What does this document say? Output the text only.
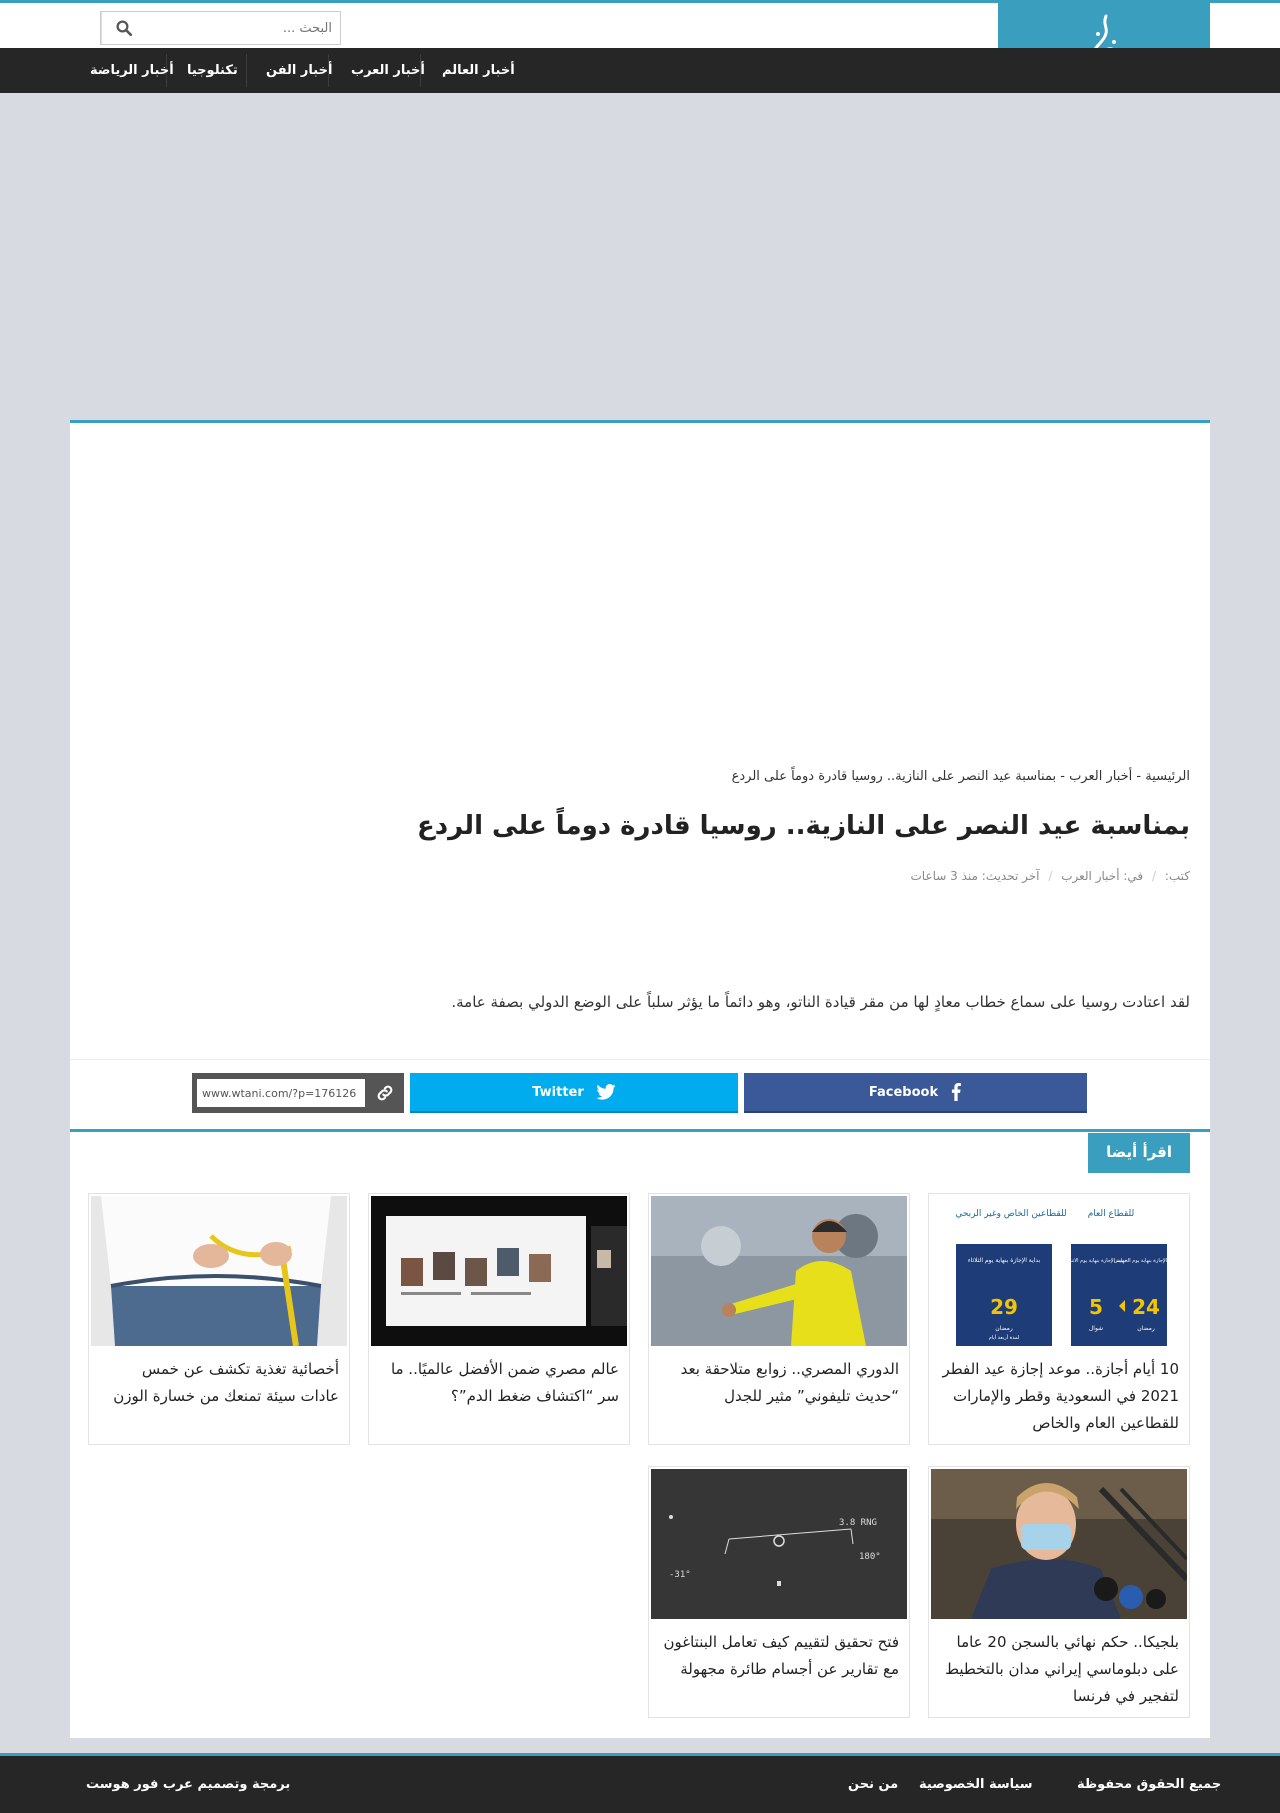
البحث ...
أخبار العالم
أخبار العرب
أخبار الفن
تكنلوجيا
أخبار الرياضة
الرئيسية - أخبار العرب - بمناسبة عيد النصر على النازية.. روسيا قادرة دوماً على الردع
بمناسبة عيد النصر على النازية.. روسيا قادرة دوماً على الردع
كتب: / في: أخبار العرب / آخر تحديث: منذ 3 ساعات

لقد اعتادت روسيا على سماع خطاب معادٍ لها من مقر قيادة الناتو، وهو دائماً ما يؤثر سلباً على الوضع الدولي بصفة عامة.

Facebook
Twitter
www.wtani.com/?p=176126
اقرأ أيضا
للقطاعين الخاص وغير الربحي للقطاع العام
بداية الإجازة بنهاية يوم الثلاثاء	نهاية الإجازة بنهاية يوم الاثنين
بداية الإجازة بنهاية يوم الخميس
29	5 24
رمضان	شوال	رمضان
لمدة أربعة أيام
10 أيام أجازة.. موعد إجازة عيد الفطر 2021 في السعودية وقطر والإمارات للقطاعين العام والخاص
الدوري المصري.. زوابع متلاحقة بعد “حديث تليفوني” مثير للجدل
عالم مصري ضمن الأفضل عالميًا.. ما سر “اكتشاف ضغط الدم”؟
أخصائية تغذية تكشف عن خمس عادات سيئة تمنعك من خسارة الوزن
بلجيكا.. حكم نهائي بالسجن 20 عاما على دبلوماسي إيراني مدان بالتخطيط لتفجير في فرنسا
3.8 RNG
180°
-31°
فتح تحقيق لتقييم كيف تعامل البنتاغون مع تقارير عن أجسام طائرة مجهولة
جميع الحقوق محفوظة
سياسة الخصوصية
من نحن
برمجة وتصميم عرب فور هوست
